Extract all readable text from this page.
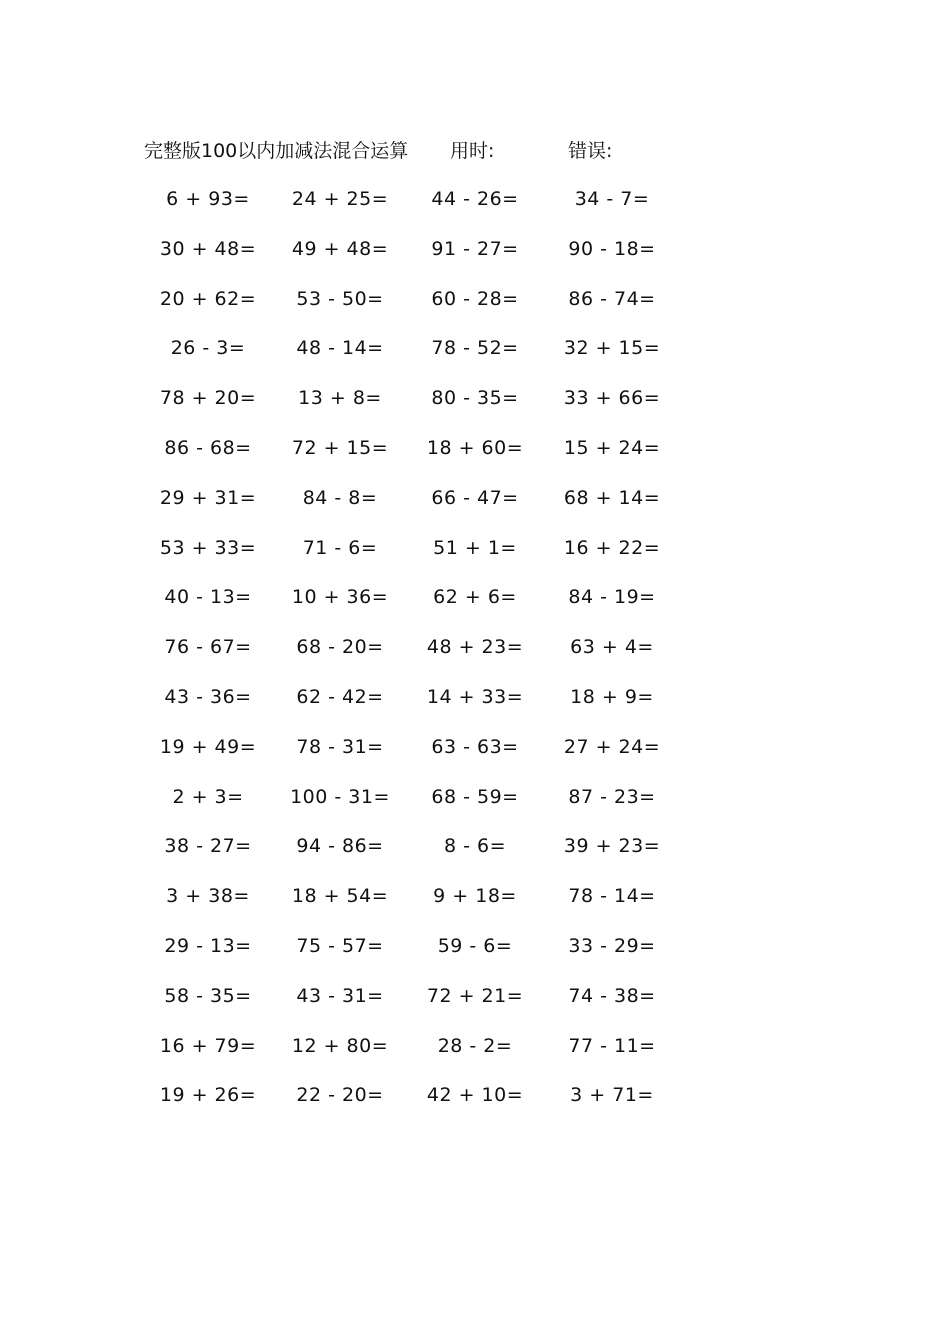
完整版100以内加减法混合运算 用时:	错误:
6 + 93=	24 + 25=	44 - 26=	34 - 7=
30 + 48=	49 + 48=	91 - 27=	90 - 18=
20 + 62=	53 - 50=	60 - 28=	86 - 74=
26 - 3=	48 - 14=	78 - 52=	32 + 15=
78 + 20=	13 + 8=	80 - 35=	33 + 66=
86 - 68=	72 + 15=	18 + 60=	15 + 24=
29 + 31=	84 - 8=	66 - 47=	68 + 14=
53 + 33=	71 - 6=	51 + 1=	16 + 22=
40 - 13=	10 + 36=	62 + 6=	84 - 19=
76 - 67=	68 - 20=	48 + 23=	63 + 4=
43 - 36=	62 - 42=	14 + 33=	18 + 9=
19 + 49=	78 - 31=	63 - 63=	27 + 24=
2 + 3=	100 - 31=	68 - 59=	87 - 23=
38 - 27=	94 - 86=	8 - 6=	39 + 23=
3 + 38=	18 + 54=	9 + 18=	78 - 14=
29 - 13=	75 - 57=	59 - 6=	33 - 29=
58 - 35=	43 - 31=	72 + 21=	74 - 38=
16 + 79=	12 + 80=	28 - 2=	77 - 11=
19 + 26=	22 - 20=	42 + 10=	3 + 71=
